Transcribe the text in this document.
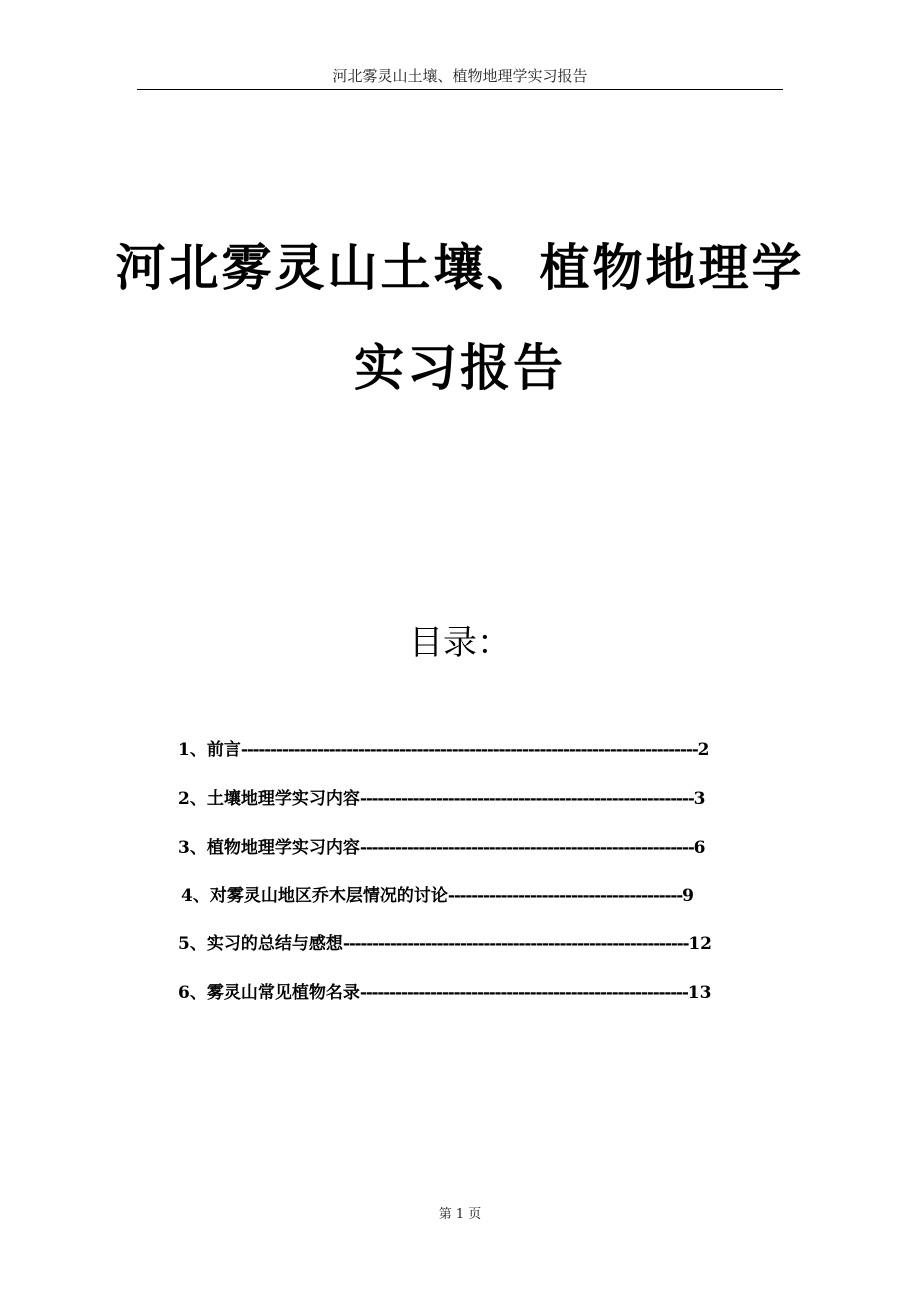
河北雾灵山土壤、植物地理学实习报告
河北雾灵山土壤、植物地理学
实习报告
目录：
1、前言------------------------------------------------------------------------------2
2、土壤地理学实习内容---------------------------------------------------------3
3、植物地理学实习内容---------------------------------------------------------6
4、对雾灵山地区乔木层情况的讨论----------------------------------------9
5、实习的总结与感想-----------------------------------------------------------12
6、雾灵山常见植物名录--------------------------------------------------------13
第 1 页
